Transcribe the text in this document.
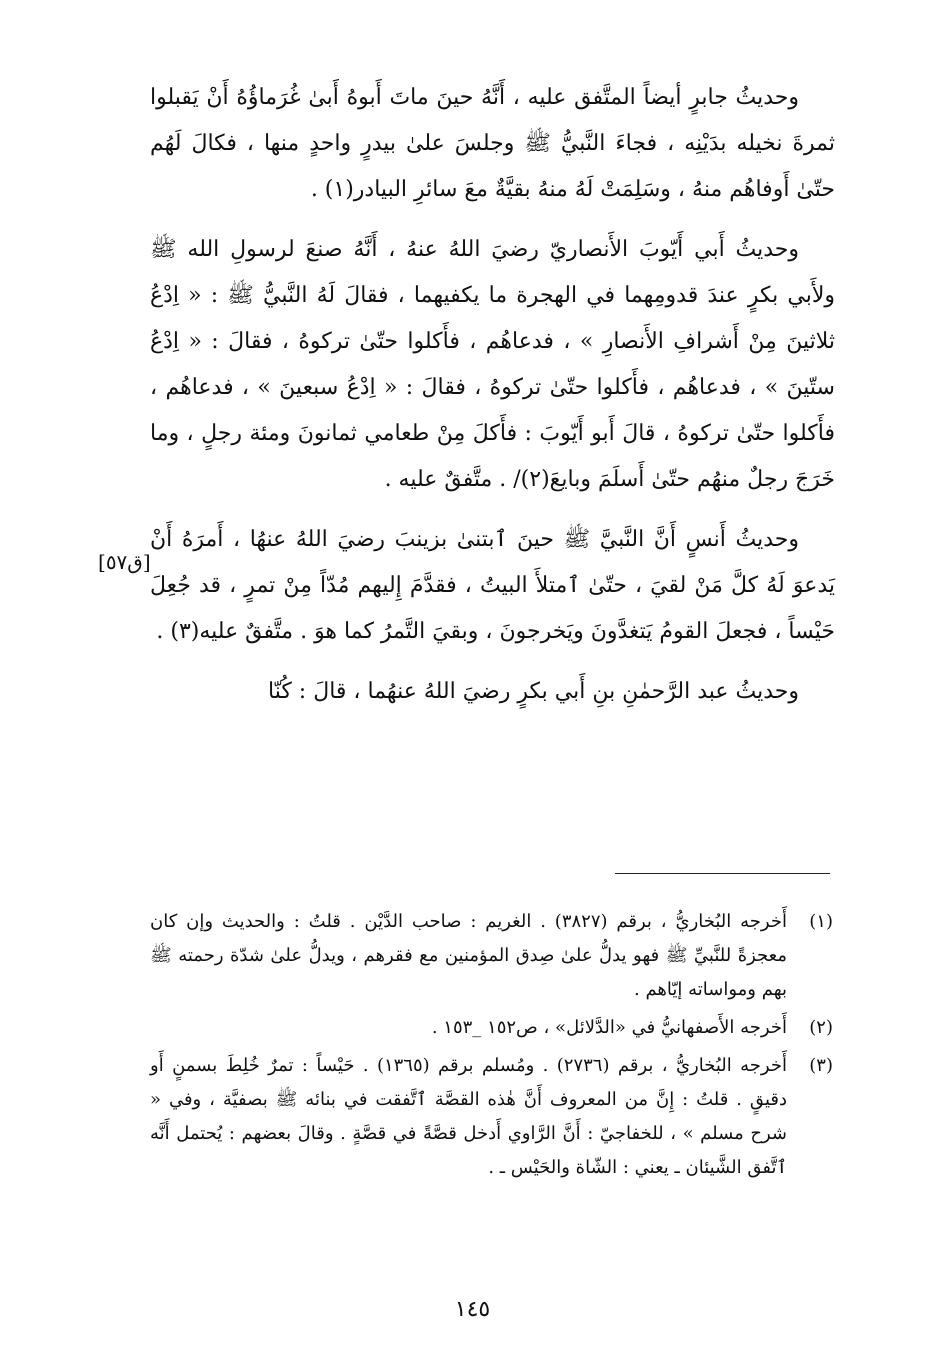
وحديثُ جابرٍ أيضاً المتَّفق عليه ، أَنَّهُ حينَ ماتَ أَبوهُ أَبىٰ غُرَماؤُهُ أَنْ يَقبلوا ثمرةَ نخيله بدَيْنِه ، فجاءَ النَّبيُّ ﷺ وجلسَ علىٰ بيدرٍ واحدٍ منها ، فكالَ لَهُم حتّىٰ أَوفاهُم منهُ ، وسَلِمَتْ لَهُ منهُ بقيَّةٌ معَ سائرِ البيادر(١) .

وحديثُ أَبي أَيّوبَ الأَنصاريّ رضيَ اللهُ عنهُ ، أَنَّهُ صنعَ لرسولِ الله ﷺ ولأَبي بكرٍ عندَ قدومِهما في الهجرة ما يكفيهما ، فقالَ لَهُ النَّبيُّ ﷺ : « اِدْعُ ثلاثينَ مِنْ أَشرافِ الأَنصارِ » ، فدعاهُم ، فأَكلوا حتّىٰ تركوهُ ، فقالَ : « اِدْعُ ستّينَ » ، فدعاهُم ، فأَكلوا حتّىٰ تركوهُ ، فقالَ : « اِدْعُ سبعينَ » ، فدعاهُم ، فأَكلوا حتّىٰ تركوهُ ، قالَ أَبو أَيّوبَ : فأَكلَ مِنْ طعامي ثمانونَ ومئة رجلٍ ، وما خَرَجَ رجلٌ منهُم حتّىٰ أَسلَمَ وبايعَ(٢)/ . متَّفقٌ عليه .

وحديثُ أَنسٍ أَنَّ النَّبيَّ ﷺ حينَ ٱبتنىٰ بزينبَ رضيَ اللهُ عنهُا ، أَمرَهُ أَنْ يَدعوَ لَهُ كلَّ مَنْ لقيَ ، حتّىٰ ٱمتلأَ البيتُ ، فقدَّمَ إِليهم مُدّاً مِنْ تمرٍ ، قد جُعِلَ حَيْساً ، فجعلَ القومُ يَتغدَّونَ ويَخرجونَ ، وبقيَ التَّمرُ كما هوَ . متَّفقٌ عليه(٣) .

وحديثُ عبد الرَّحمٰنِ بنِ أَبي بكرٍ رضيَ اللهُ عنهُما ، قالَ : كُنّا

[ق٥٧]
(١)
أَخرجه البُخاريُّ ، برقم (٣٨٢٧) . الغريم : صاحب الدَّيْن . قلتُ : والحديث وإن كان معجزةً للنَّبيِّ ﷺ فهو يدلُّ علىٰ صِدق المؤمنين مع فقرهم ، ويدلُّ علىٰ شدّة رحمته ﷺ بهم ومواساته إيّاهم .
(٢)
أَخرجه الأَصفهانيُّ في «الدَّلائل» ، ص١٥٢ _١٥٣ .
(٣)
أَخرجه البُخاريُّ ، برقم (٢٧٣٦) . ومُسلم برقم (١٣٦٥) . حَيْساً : تمرٌ خُلِطَ بسمنٍ أَو دقيقٍ . قلتُ : إِنَّ من المعروف أَنَّ هٰذه القصَّة ٱتَّفقت في بنائه ﷺ بصفيَّة ، وفي « شرح مسلم » ، للخفاجيّ : أَنَّ الرَّاوي أَدخل قصَّةً في قصَّةٍ . وقالَ بعضهم : يُحتمل أَنَّه ٱتَّفق الشَّيئان ـ يعني : الشّاة والحَيْس ـ .
١٤٥
